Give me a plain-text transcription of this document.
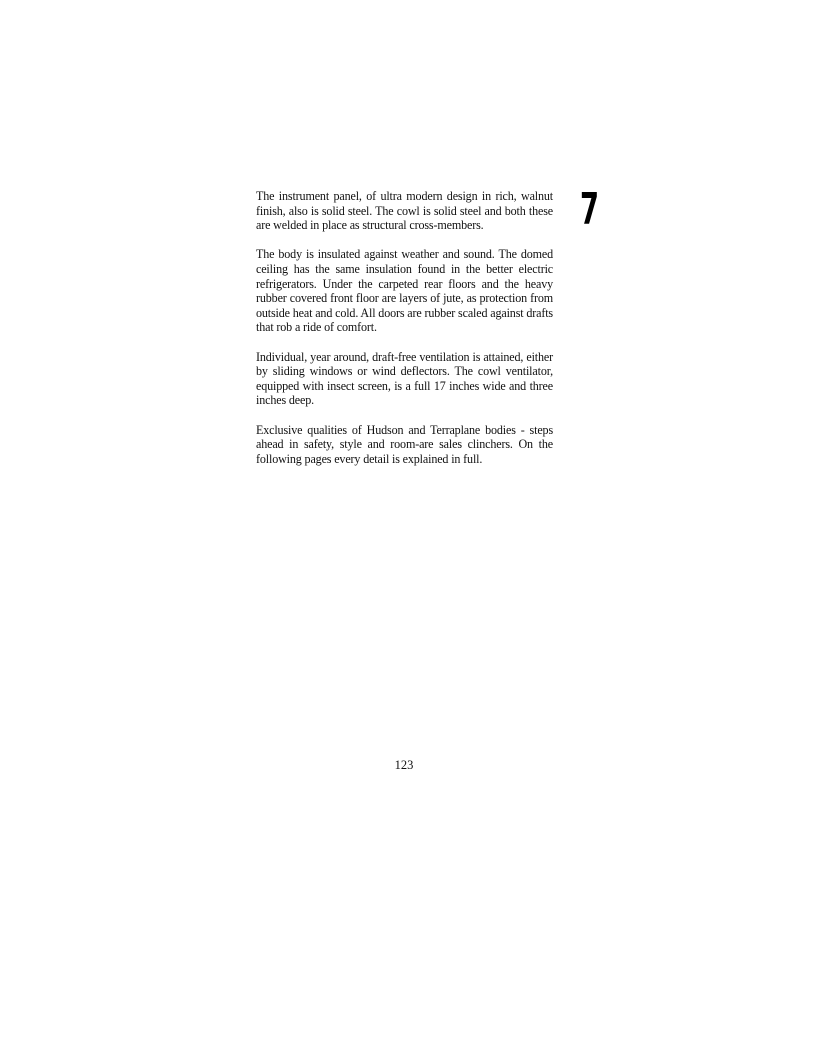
7

The instrument panel, of ultra modern design in rich, walnut finish, also is solid steel. The cowl is solid steel and both these are welded in place as structural cross-members.

The body is insulated against weather and sound. The domed ceiling has the same insulation found in the better electric refrigerators. Under the carpeted rear floors and the heavy rubber covered front floor are layers of jute, as protection from outside heat and cold. All doors are rubber scaled against drafts that rob a ride of comfort.

Individual, year around, draft-free ventilation is attained, either by sliding windows or wind deflectors. The cowl ventilator, equipped with insect screen, is a full 17 inches wide and three inches deep.

Exclusive qualities of Hudson and Terraplane bodies - steps ahead in safety, style and room-are sales clinchers. On the following pages every detail is explained in full.

123
